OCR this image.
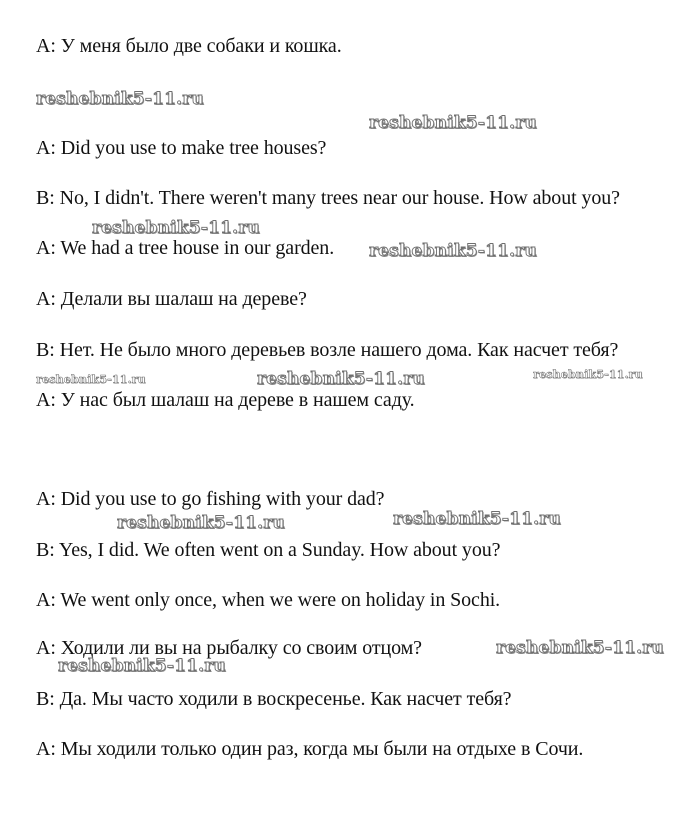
A: У меня было две собаки и кошка.
A: Did you use to make tree houses?
B: No, I didn't. There weren't many trees near our house. How about you?
A: We had a tree house in our garden.
A: Делали вы шалаш на дереве?
B: Нет. Не было много деревьев возле нашего дома. Как насчет тебя?
A: У нас был шалаш на дереве в нашем саду.
A: Did you use to go fishing with your dad?
B: Yes, I did. We often went on a Sunday. How about you?
A: We went only once, when we were on holiday in Sochi.
A: Ходили ли вы на рыбалку со своим отцом?
B: Да. Мы часто ходили в воскресенье. Как насчет тебя?
A: Мы ходили только один раз, когда мы были на отдыхе в Сочи.
reshebnik5-11.ru
reshebnik5-11.ru
reshebnik5-11.ru
reshebnik5-11.ru
reshebnik5-11.ru	reshebnik5-11.ru	reshebnik5-11.ru
reshebnik5-11.ru	reshebnik5-11.ru
reshebnik5-11.ru
reshebnik5-11.ru
